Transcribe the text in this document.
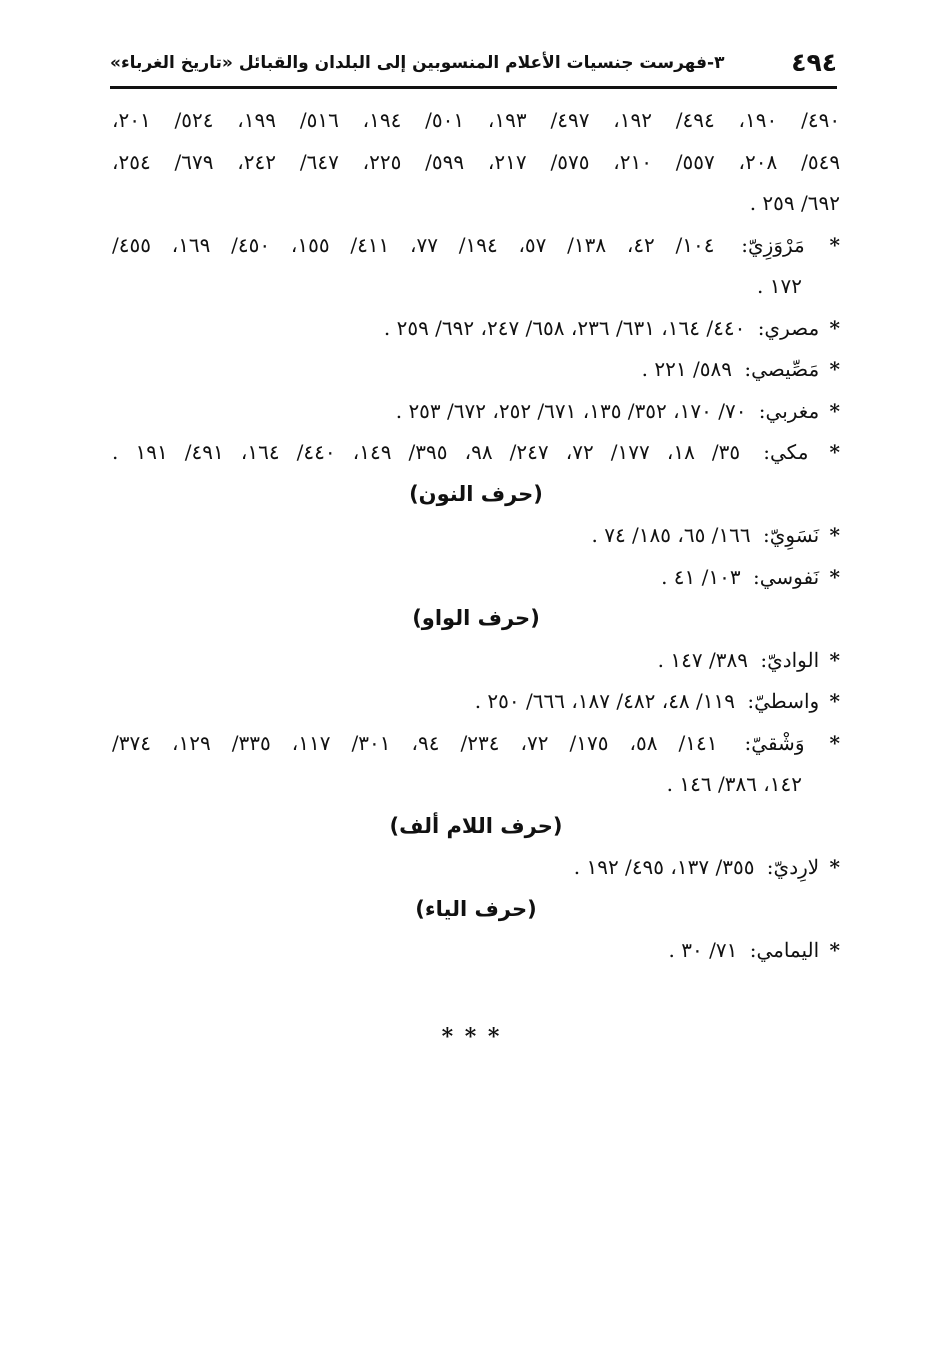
٤٩٤
٣-فهرست جنسيات الأعلام المنسوبين إلى البلدان والقبائل «تاريخ الغرباء»
٤٩٠/ ١٩٠، ٤٩٤/ ١٩٢، ٤٩٧/ ١٩٣، ٥٠١/ ١٩٤، ٥١٦/ ١٩٩، ٥٢٤/ ٢٠١،
٥٤٩/ ٢٠٨، ٥٥٧/ ٢١٠، ٥٧٥/ ٢١٧، ٥٩٩/ ٢٢٥، ٦٤٧/ ٢٤٢، ٦٧٩/ ٢٥٤،
٦٩٢/ ٢٥٩ .
* مَرْوَزِيّ: ١٠٤/ ٤٢، ١٣٨/ ٥٧، ١٩٤/ ٧٧، ٤١١/ ١٥٥، ٤٥٠/ ١٦٩، ٤٥٥/
١٧٢ .
* مصري: ٤٤٠/ ١٦٤، ٦٣١/ ٢٣٦، ٦٥٨/ ٢٤٧، ٦٩٢/ ٢٥٩ .
* مَصِّيصي: ٥٨٩/ ٢٢١ .
* مغربي: ٧٠/ ١٧٠، ٣٥٢/ ١٣٥، ٦٧١/ ٢٥٢، ٦٧٢/ ٢٥٣ .
* مكي: ٣٥/ ١٨، ١٧٧/ ٧٢، ٢٤٧/ ٩٨، ٣٩٥/ ١٤٩، ٤٤٠/ ١٦٤، ٤٩١/ ١٩١ .
(حرف النون)
* نَسَوِيّ: ١٦٦/ ٦٥، ١٨٥/ ٧٤ .
* نَفوسي: ١٠٣/ ٤١ .
(حرف الواو)
* الواديّ: ٣٨٩/ ١٤٧ .
* واسطيّ: ١١٩/ ٤٨، ٤٨٢/ ١٨٧، ٦٦٦/ ٢٥٠ .
* وَشْقيّ: ١٤١/ ٥٨، ١٧٥/ ٧٢، ٢٣٤/ ٩٤، ٣٠١/ ١١٧، ٣٣٥/ ١٢٩، ٣٧٤/
١٤٢، ٣٨٦/ ١٤٦ .
(حرف اللام ألف)
* لارِديّ: ٣٥٥/ ١٣٧، ٤٩٥/ ١٩٢ .
(حرف الياء)
* اليمامي: ٧١/ ٣٠ .
* * *
